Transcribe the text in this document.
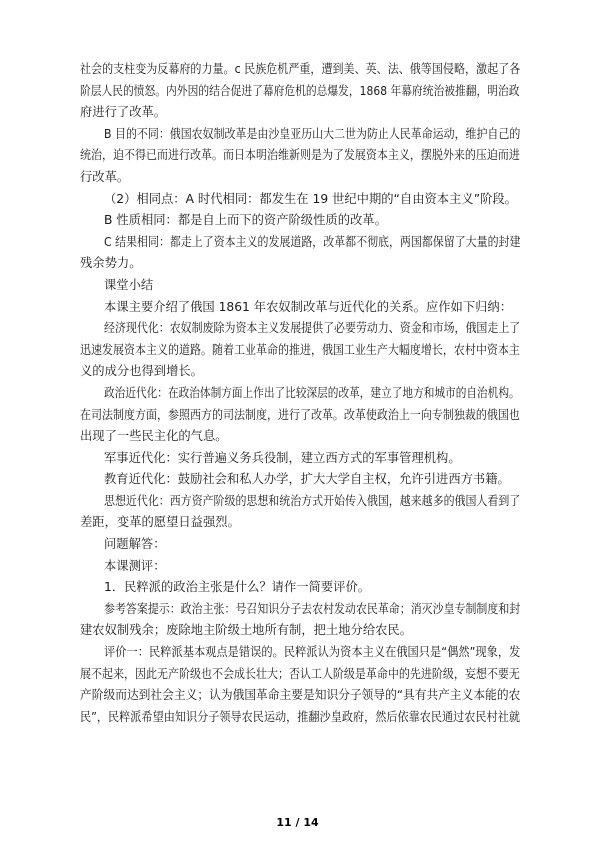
社会的支柱变为反幕府的力量。c 民族危机严重，遭到美、英、法、俄等国侵略，激起了各
阶层人民的愤怒。内外因的结合促进了幕府危机的总爆发，1868 年幕府统治被推翻，明治政
府进行了改革。
B 目的不同：俄国农奴制改革是由沙皇亚历山大二世为防止人民革命运动，维护自己的
统治，迫不得已而进行改革。而日本明治维新则是为了发展资本主义，摆脱外来的压迫而进
行改革。
（2）相同点：A 时代相同：都发生在 19 世纪中期的“自由资本主义”阶段。
B 性质相同：都是自上而下的资产阶级性质的改革。
C 结果相同：都走上了资本主义的发展道路，改革都不彻底，两国都保留了大量的封建
残余势力。
课堂小结
本课主要介绍了俄国 1861 年农奴制改革与近代化的关系。应作如下归纳：
经济现代化：农奴制废除为资本主义发展提供了必要劳动力、资金和市场，俄国走上了
迅速发展资本主义的道路。随着工业革命的推进，俄国工业生产大幅度增长，农村中资本主
义的成分也得到增长。
政治近代化：在政治体制方面上作出了比较深层的改革，建立了地方和城市的自治机构。
在司法制度方面，参照西方的司法制度，进行了改革。改革使政治上一向专制独裁的俄国也
出现了一些民主化的气息。
军事近代化：实行普遍义务兵役制，建立西方式的军事管理机构。
教育近代化：鼓励社会和私人办学，扩大大学自主权，允许引进西方书籍。
思想近代化：西方资产阶级的思想和统治方式开始传入俄国，越来越多的俄国人看到了
差距，变革的愿望日益强烈。
问题解答：
本课测评：
1．民粹派的政治主张是什么？请作一简要评价。
参考答案提示：政治主张：号召知识分子去农村发动农民革命；消灭沙皇专制制度和封
建农奴制残余；废除地主阶级土地所有制，把土地分给农民。
评价一：民粹派基本观点是错误的。民粹派认为资本主义在俄国只是“偶然”现象，发
展不起来，因此无产阶级也不会成长壮大；否认工人阶级是革命中的先进阶级，妄想不要无
产阶级而达到社会主义；认为俄国革命主要是知识分子领导的“具有共产主义本能的农
民”，民粹派希望由知识分子领导农民运动，推翻沙皇政府，然后依靠农民通过农民村社就
11 / 14
